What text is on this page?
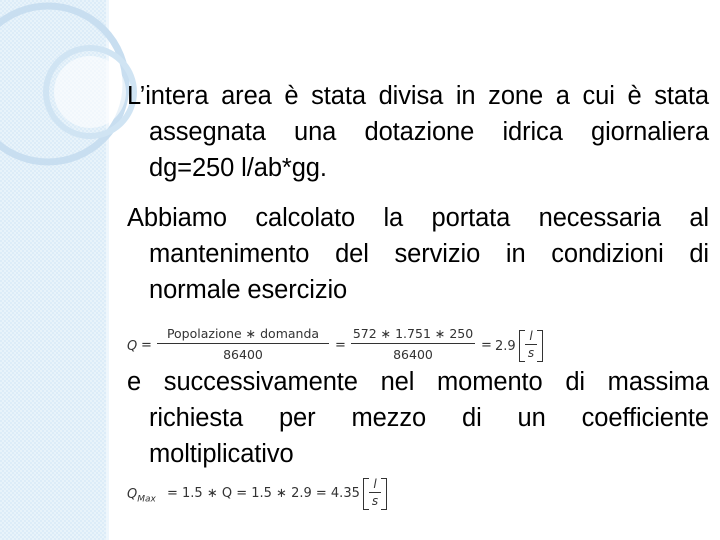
L’intera area è stata divisa in zone a cui è stata assegnata una dotazione idrica giornaliera dg=250 l/ab*gg.
Abbiamo calcolato la portata necessaria al mantenimento del servizio in condizioni di normale esercizio
Q =
Popolazione ∗ domanda
86400
=
572 ∗ 1.751 ∗ 250
86400
= 2.9
l
s
e successivamente nel momento di massima richiesta per mezzo di un coefficiente moltiplicativo
$Q_{Max} = 1.5$ ∗ Q = 1.5 ∗ 2.9 = 4.35
l
s
